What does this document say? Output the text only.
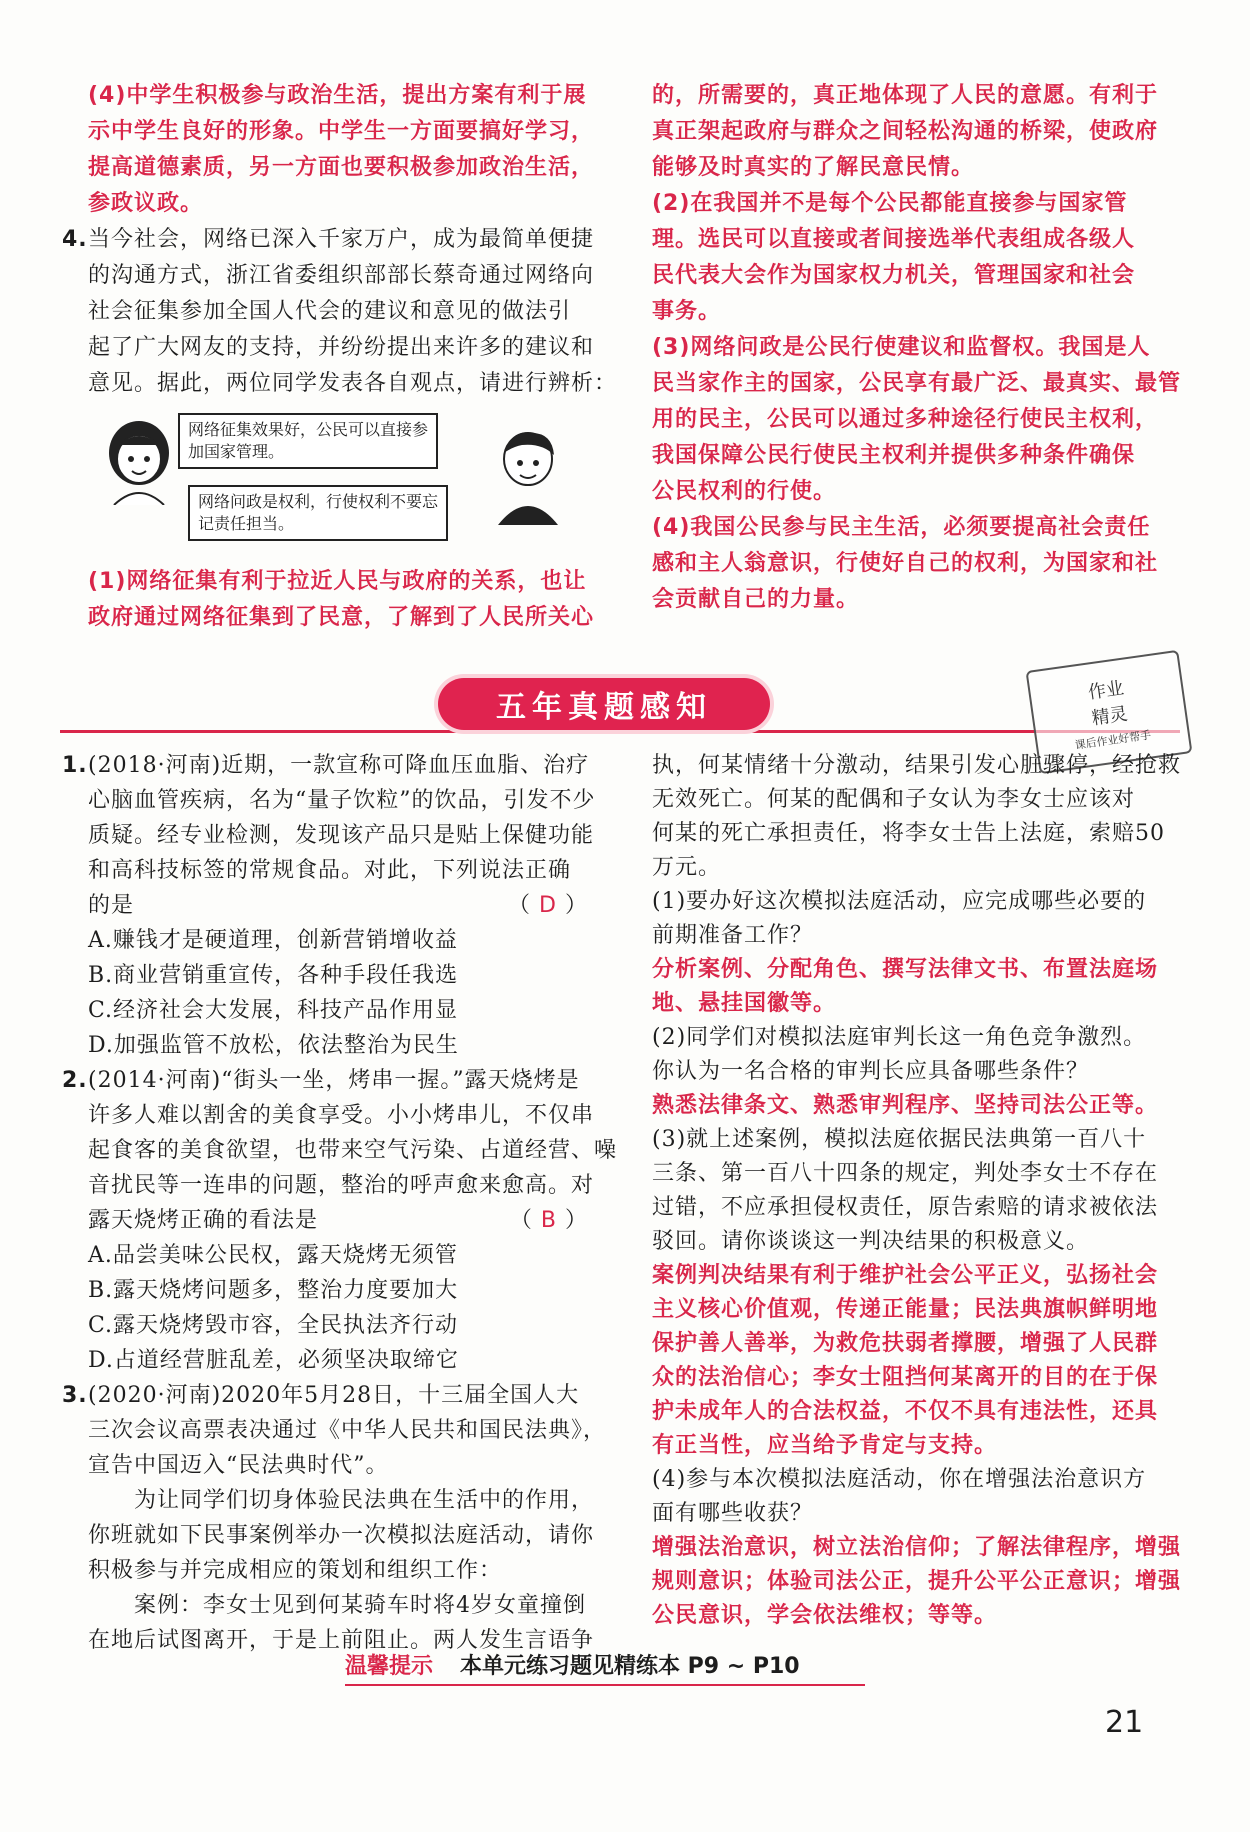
(4)中学生积极参与政治生活，提出方案有利于展
示中学生良好的形象。中学生一方面要搞好学习，
提高道德素质，另一方面也要积极参加政治生活，
参政议政。
4. 当今社会，网络已深入千家万户，成为最简单便捷
的沟通方式，浙江省委组织部部长蔡奇通过网络向
社会征集参加全国人代会的建议和意见的做法引
起了广大网友的支持，并纷纷提出来许多的建议和
意见。据此，两位同学发表各自观点，请进行辨析：
网络征集效果好，公民可以直接参
加国家管理。
网络问政是权利，行使权利不要忘
记责任担当。
(1)网络征集有利于拉近人民与政府的关系，也让
政府通过网络征集到了民意，了解到了人民所关心
的，所需要的，真正地体现了人民的意愿。有利于
真正架起政府与群众之间轻松沟通的桥梁，使政府
能够及时真实的了解民意民情。
(2)在我国并不是每个公民都能直接参与国家管
理。选民可以直接或者间接选举代表组成各级人
民代表大会作为国家权力机关，管理国家和社会
事务。
(3)网络问政是公民行使建议和监督权。我国是人
民当家作主的国家，公民享有最广泛、最真实、最管
用的民主，公民可以通过多种途径行使民主权利，
我国保障公民行使民主权利并提供多种条件确保
公民权利的行使。
(4)我国公民参与民主生活，必须要提高社会责任
感和主人翁意识，行使好自己的权利，为国家和社
会贡献自己的力量。
五年真题感知	作业
精灵
课后作业好帮手
1. (2018·河南)近期，一款宣称可降血压血脂、治疗
心脑血管疾病，名为“量子饮粒”的饮品，引发不少
质疑。经专业检测，发现该产品只是贴上保健功能
和高科技标签的常规食品。对此，下列说法正确
的是	（ D ）
A.赚钱才是硬道理，创新营销增收益
B.商业营销重宣传，各种手段任我选
C.经济社会大发展，科技产品作用显
D.加强监管不放松，依法整治为民生
2. (2014·河南)“街头一坐，烤串一握。”露天烧烤是
许多人难以割舍的美食享受。小小烤串儿，不仅串
起食客的美食欲望，也带来空气污染、占道经营、噪
音扰民等一连串的问题，整治的呼声愈来愈高。对
露天烧烤正确的看法是	（ B ）
A.品尝美味公民权，露天烧烤无须管
B.露天烧烤问题多，整治力度要加大
C.露天烧烤毁市容，全民执法齐行动
D.占道经营脏乱差，必须坚决取缔它
3. (2020·河南)2020年5月28日，十三届全国人大
三次会议高票表决通过《中华人民共和国民法典》，
宣告中国迈入“民法典时代”。
　　为让同学们切身体验民法典在生活中的作用，
你班就如下民事案例举办一次模拟法庭活动，请你
积极参与并完成相应的策划和组织工作：
　　案例：李女士见到何某骑车时将4岁女童撞倒
在地后试图离开，于是上前阻止。两人发生言语争
执，何某情绪十分激动，结果引发心脏骤停，经抢救
无效死亡。何某的配偶和子女认为李女士应该对
何某的死亡承担责任，将李女士告上法庭，索赔50
万元。
(1)要办好这次模拟法庭活动，应完成哪些必要的
前期准备工作？
分析案例、分配角色、撰写法律文书、布置法庭场
地、悬挂国徽等。
(2)同学们对模拟法庭审判长这一角色竞争激烈。
你认为一名合格的审判长应具备哪些条件？
熟悉法律条文、熟悉审判程序、坚持司法公正等。
(3)就上述案例，模拟法庭依据民法典第一百八十
三条、第一百八十四条的规定，判处李女士不存在
过错，不应承担侵权责任，原告索赔的请求被依法
驳回。请你谈谈这一判决结果的积极意义。
案例判决结果有利于维护社会公平正义，弘扬社会
主义核心价值观，传递正能量；民法典旗帜鲜明地
保护善人善举，为救危扶弱者撑腰，增强了人民群
众的法治信心；李女士阻挡何某离开的目的在于保
护未成年人的合法权益，不仅不具有违法性，还具
有正当性，应当给予肯定与支持。
(4)参与本次模拟法庭活动，你在增强法治意识方
面有哪些收获？
增强法治意识，树立法治信仰；了解法律程序，增强
规则意识；体验司法公正，提升公平公正意识；增强
公民意识，学会依法维权；等等。
温馨提示 本单元练习题见精练本 P9 ~ P10
21
